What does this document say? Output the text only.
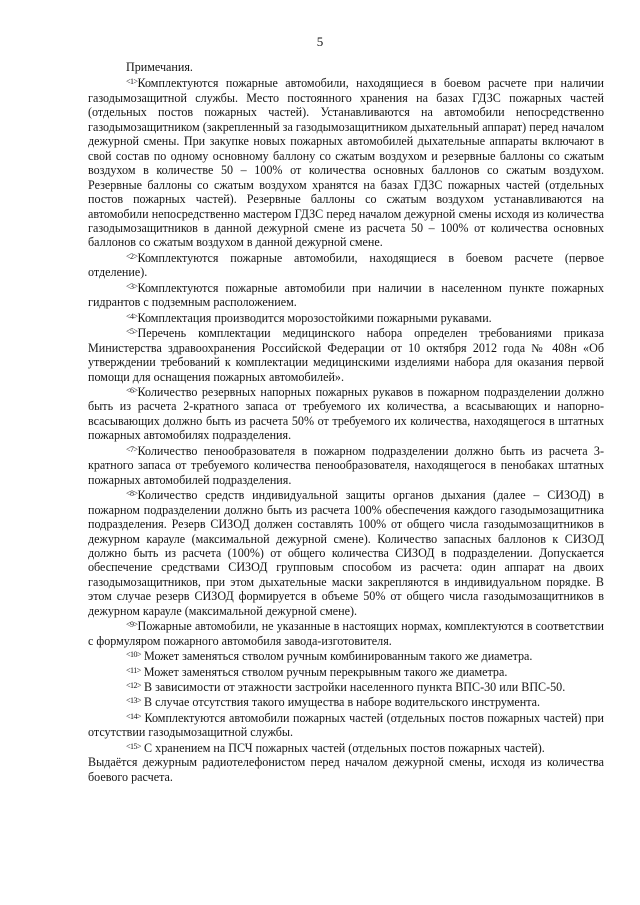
5

Примечания.

$^{<1>}$Комплектуются пожарные автомобили, находящиеся в боевом расчете при наличии газодымозащитной службы. Место постоянного хранения на базах ГДЗС пожарных частей (отдельных постов пожарных частей). Устанавливаются на автомобили непосредственно газодымозащитником (закрепленный за газодымозащитником дыхательный аппарат) перед началом дежурной смены. При закупке новых пожарных автомобилей дыхательные аппараты включают в свой состав по одному основному баллону со сжатым воздухом и резервные баллоны со сжатым воздухом в количестве 50 – 100% от количества основных баллонов со сжатым воздухом. Резервные баллоны со сжатым воздухом хранятся на базах ГДЗС пожарных частей (отдельных постов пожарных частей). Резервные баллоны со сжатым воздухом устанавливаются на автомобили непосредственно мастером ГДЗС перед началом дежурной смены исходя из количества газодымозащитников в данной дежурной смене из расчета 50 – 100% от количества основных баллонов со сжатым воздухом в данной дежурной смене.

$^{<2>}$Комплектуются пожарные автомобили, находящиеся в боевом расчете (первое отделение).

$^{<3>}$Комплектуются пожарные автомобили при наличии в населенном пункте пожарных гидрантов с подземным расположением.

$^{<4>}$Комплектация производится морозостойкими пожарными рукавами.

$^{<5>}$Перечень комплектации медицинского набора определен требованиями приказа Министерства здравоохранения Российской Федерации от 10 октября 2012 года № 408н «Об утверждении требований к комплектации медицинскими изделиями набора для оказания первой помощи для оснащения пожарных автомобилей».

$^{<6>}$Количество резервных напорных пожарных рукавов в пожарном подразделении должно быть из расчета 2-кратного запаса от требуемого их количества, а всасывающих и напорно-всасывающих должно быть из расчета 50% от требуемого их количества, находящегося в штатных пожарных автомобилях подразделения.

$^{<7>}$Количество пенообразователя в пожарном подразделении должно быть из расчета 3-кратного запаса от требуемого количества пенообразователя, находящегося в пенобаках штатных пожарных автомобилей подразделения.

$^{<8>}$Количество средств индивидуальной защиты органов дыхания (далее – СИЗОД) в пожарном подразделении должно быть из расчета 100% обеспечения каждого газодымозащитника подразделения. Резерв СИЗОД должен составлять 100% от общего числа газодымозащитников в дежурном карауле (максимальной дежурной смене). Количество запасных баллонов к СИЗОД должно быть из расчета (100%) от общего количества СИЗОД в подразделении. Допускается обеспечение средствами СИЗОД групповым способом из расчета: один аппарат на двоих газодымозащитников, при этом дыхательные маски закрепляются в индивидуальном порядке. В этом случае резерв СИЗОД формируется в объеме 50% от общего числа газодымозащитников в дежурном карауле (максимальной дежурной смене).

$^{<9>}$Пожарные автомобили, не указанные в настоящих нормах, комплектуются в соответствии с формуляром пожарного автомобиля завода-изготовителя.

$^{<10>}$ Может заменяться стволом ручным комбинированным такого же диаметра.

$^{<11>}$ Может заменяться стволом ручным перекрывным такого же диаметра.

$^{<12>}$ В зависимости от этажности застройки населенного пункта ВПС-30 или ВПС-50.

$^{<13>}$ В случае отсутствия такого имущества в наборе водительского инструмента.

$^{<14>}$ Комплектуются автомобили пожарных частей (отдельных постов пожарных частей) при отсутствии газодымозащитной службы.

$^{<15>}$ С хранением на ПСЧ пожарных частей (отдельных постов пожарных частей).

Выдаётся дежурным радиотелефонистом перед началом дежурной смены, исходя из количества боевого расчета.
